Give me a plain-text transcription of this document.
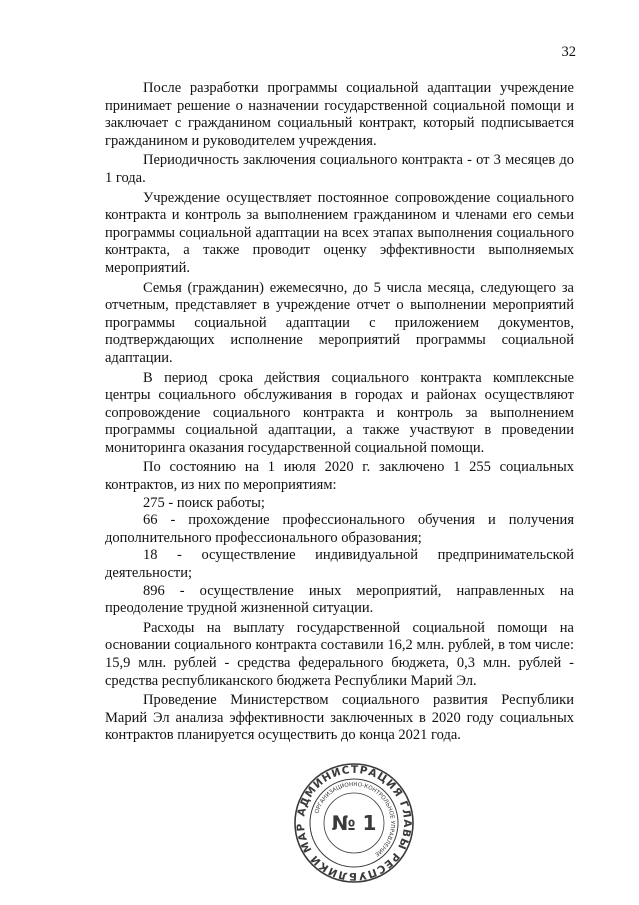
32

После разработки программы социальной адаптации учреждение принимает решение о назначении государственной социальной помощи и заключает с гражданином социальный контракт, который подписывается гражданином и руководителем учреждения.

Периодичность заключения социального контракта - от 3 месяцев до 1 года.

Учреждение осуществляет постоянное сопровождение социального контракта и контроль за выполнением гражданином и членами его семьи программы социальной адаптации на всех этапах выполнения социального контракта, а также проводит оценку эффективности выполняемых мероприятий.

Семья (гражданин) ежемесячно, до 5 числа месяца, следующего за отчетным, представляет в учреждение отчет о выполнении мероприятий программы социальной адаптации с приложением документов, подтверждающих исполнение мероприятий программы социальной адаптации.

В период срока действия социального контракта комплексные центры социального обслуживания в городах и районах осуществляют сопровождение социального контракта и контроль за выполнением программы социальной адаптации, а также участвуют в проведении мониторинга оказания государственной социальной помощи.

По состоянию на 1 июля 2020 г. заключено 1 255 социальных контрактов, из них по мероприятиям:

275 - поиск работы;

66 - прохождение профессионального обучения и получения дополнительного профессионального образования;

18 - осуществление индивидуальной предпринимательской деятельности;

896 - осуществление иных мероприятий, направленных на преодоление трудной жизненной ситуации.

Расходы на выплату государственной социальной помощи на основании социального контракта составили 16,2 млн. рублей, в том числе: 15,9 млн. рублей - средства федерального бюджета, 0,3 млн. рублей - средства республиканского бюджета Республики Марий Эл.

Проведение Министерством социального развития Республики Марий Эл анализа эффективности заключенных в 2020 году социальных контрактов планируется осуществить до конца 2021 года.

АДМИНИСТРАЦИЯ ГЛАВЫ РЕСПУБЛИКИ МАР
ОРГАНИЗАЦИОННО-КОНТРОЛЬНОЕ УПРАВЛЕНИЕ
№ 1
